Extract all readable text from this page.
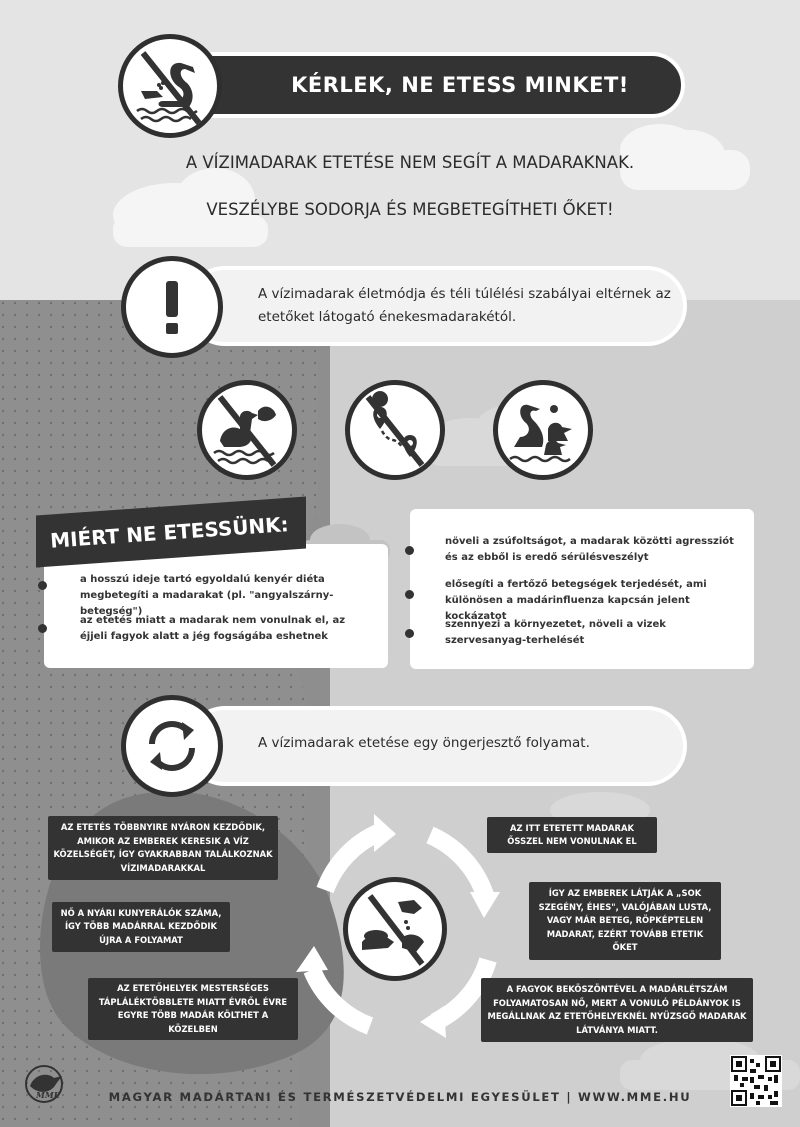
KÉRLEK, NE ETESS MINKET!
A VÍZIMADARAK ETETÉSE NEM SEGÍT A MADARAKNAK.
VESZÉLYBE SODORJA ÉS MEGBETEGÍTHETI ŐKET!
A vízimadarak életmódja és téli túlélési szabályai eltérnek az etetőket látogató énekesmadarakétól.
MIÉRT NE ETESSÜNK:
a hosszú ideje tartó egyoldalú kenyér diéta megbetegíti a madarakat (pl. "angyalszárny-betegség")
az etetés miatt a madarak nem vonulnak el, az éjjeli fagyok alatt a jég fogságába eshetnek
növeli a zsúfoltságot, a madarak közötti agressziót és az ebből is eredő sérülésveszélyt
elősegíti a fertőző betegségek terjedését, ami különösen a madárinfluenza kapcsán jelent kockázatot
szennyezi a környezetet, növeli a vizek szervesanyag-terhelését
A vízimadarak etetése egy öngerjesztő folyamat.
AZ ETETÉS TÖBBNYIRE NYÁRON KEZDŐDIK, AMIKOR AZ EMBEREK KERESIK A VÍZ KÖZELSÉGÉT, ÍGY GYAKRABBAN TALÁLKOZNAK VÍZIMADARAKKAL
AZ ITT ETETETT MADARAK ŐSSZEL NEM VONULNAK EL
ÍGY AZ EMBEREK LÁTJÁK A „SOK SZEGÉNY, ÉHES", VALÓJÁBAN LUSTA, VAGY MÁR BETEG, RÖPKÉPTELEN MADARAT, EZÉRT TOVÁBB ETETIK ŐKET
A FAGYOK BEKÖSZÖNTÉVEL A MADÁRLÉTSZÁM FOLYAMATOSAN NŐ, MERT A VONULÓ PÉLDÁNYOK IS MEGÁLLNAK AZ ETETŐHELYEKNÉL NYÜZSGŐ MADARAK LÁTVÁNYA MIATT.
AZ ETETŐHELYEK MESTERSÉGES TÁPLÁLÉKTÖBBLETE MIATT ÉVRŐL ÉVRE EGYRE TÖBB MADÁR KÖLTHET A KÖZELBEN
NŐ A NYÁRI KUNYERÁLÓK SZÁMA, ÍGY TÖBB MADÁRRAL KEZDŐDIK ÚJRA A FOLYAMAT
MME	MAGYAR MADÁRTANI ÉS TERMÉSZETVÉDELMI EGYESÜLET | WWW.MME.HU
